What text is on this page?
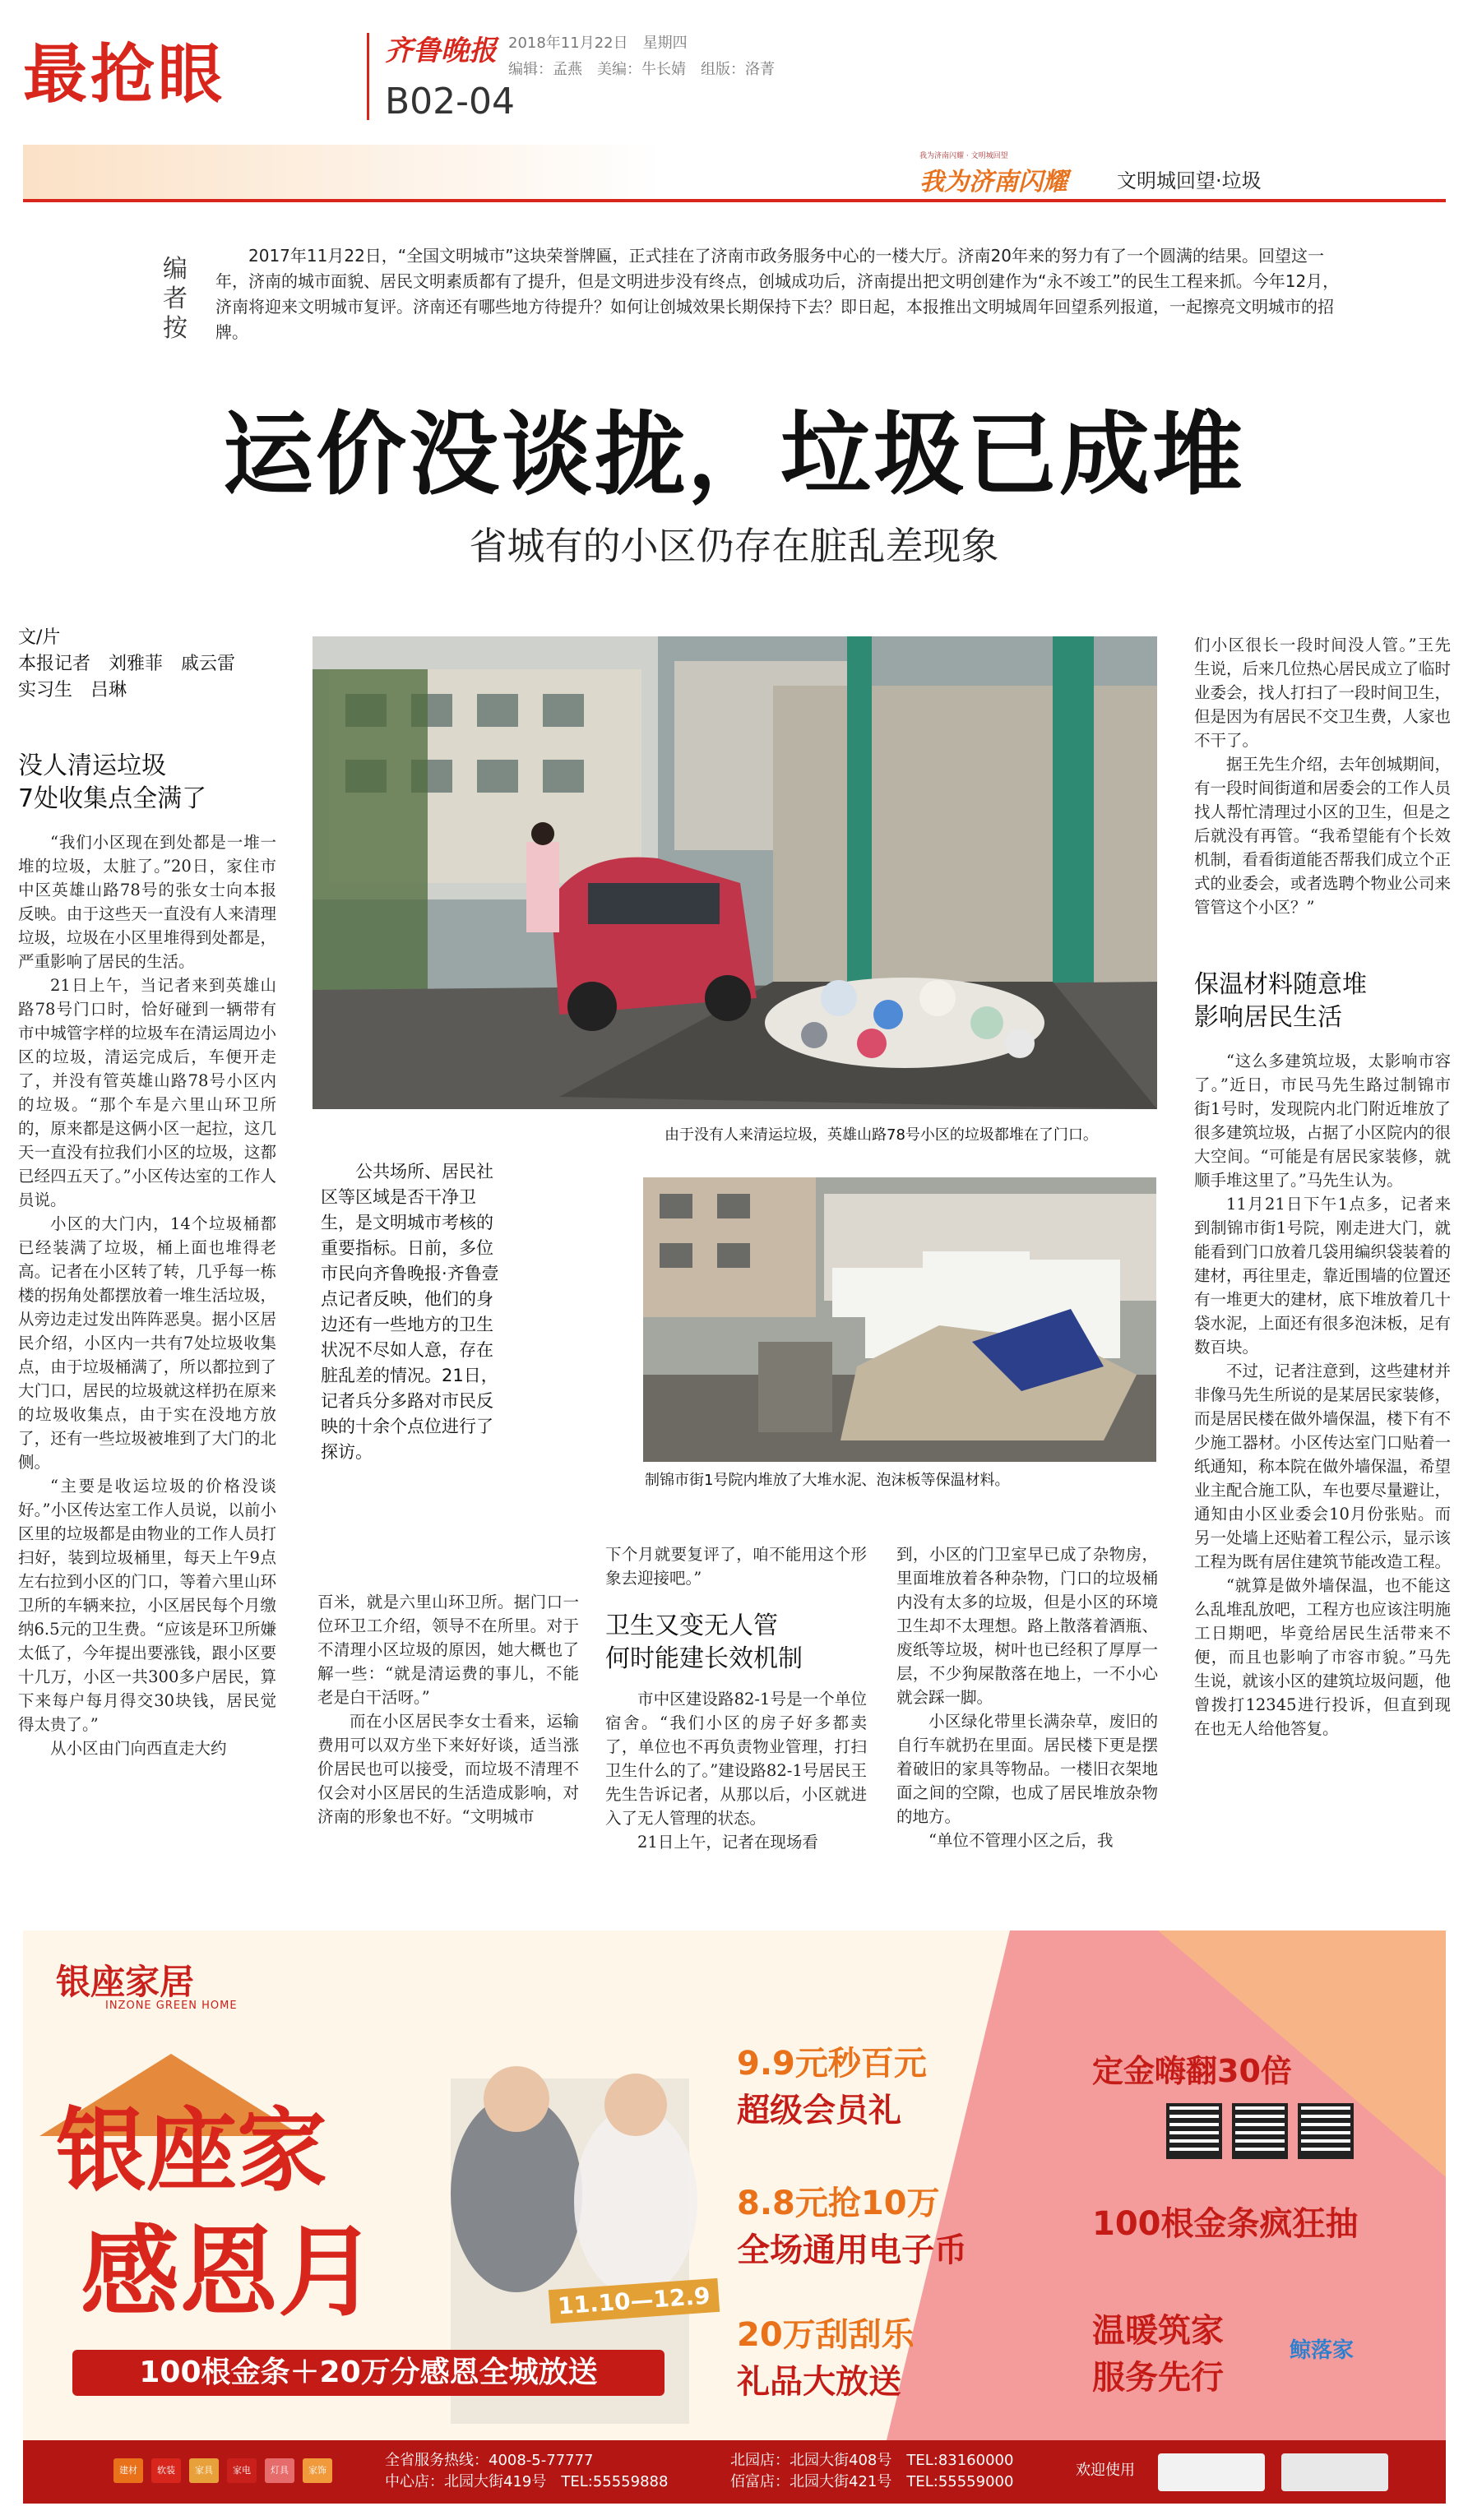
最抢眼	齐鲁晚报
B02-04
2018年11月22日　星期四
编辑：孟燕　美编：牛长婧　组版：洛菁
我为济南闪耀 · 文明城回望
我为济南闪耀	文明城回望·垃圾
编者按
2017年11月22日，“全国文明城市”这块荣誉牌匾，正式挂在了济南市政务服务中心的一楼大厅。济南20年来的努力有了一个圆满的结果。回望这一年，济南的城市面貌、居民文明素质都有了提升，但是文明进步没有终点，创城成功后，济南提出把文明创建作为“永不竣工”的民生工程来抓。今年12月，济南将迎来文明城市复评。济南还有哪些地方待提升？如何让创城效果长期保持下去？即日起，本报推出文明城周年回望系列报道，一起擦亮文明城市的招牌。
运价没谈拢，垃圾已成堆
省城有的小区仍存在脏乱差现象
文/片
本报记者　刘雅菲　戚云雷
实习生　吕琳
没人清运垃圾
7处收集点全满了

“我们小区现在到处都是一堆一堆的垃圾，太脏了。”20日，家住市中区英雄山路78号的张女士向本报反映。由于这些天一直没有人来清理垃圾，垃圾在小区里堆得到处都是，严重影响了居民的生活。

21日上午，当记者来到英雄山路78号门口时，恰好碰到一辆带有市中城管字样的垃圾车在清运周边小区的垃圾，清运完成后，车便开走了，并没有管英雄山路78号小区内的垃圾。“那个车是六里山环卫所的，原来都是这俩小区一起拉，这几天一直没有拉我们小区的垃圾，这都已经四五天了。”小区传达室的工作人员说。

小区的大门内，14个垃圾桶都已经装满了垃圾，桶上面也堆得老高。记者在小区转了转，几乎每一栋楼的拐角处都摆放着一堆生活垃圾，从旁边走过发出阵阵恶臭。据小区居民介绍，小区内一共有7处垃圾收集点，由于垃圾桶满了，所以都拉到了大门口，居民的垃圾就这样扔在原来的垃圾收集点，由于实在没地方放了，还有一些垃圾被堆到了大门的北侧。

“主要是收运垃圾的价格没谈好。”小区传达室工作人员说，以前小区里的垃圾都是由物业的工作人员打扫好，装到垃圾桶里，每天上午9点左右拉到小区的门口，等着六里山环卫所的车辆来拉，小区居民每个月缴纳6.5元的卫生费。“应该是环卫所嫌太低了，今年提出要涨钱，跟小区要十几万，小区一共300多户居民，算下来每户每月得交30块钱，居民觉得太贵了。”

从小区由门向西直走大约

由于没有人来清运垃圾，英雄山路78号小区的垃圾都堆在了门口。
公共场所、居民社区等区域是否干净卫生，是文明城市考核的重要指标。日前，多位市民向齐鲁晚报·齐鲁壹点记者反映，他们的身边还有一些地方的卫生状况不尽如人意，存在脏乱差的情况。21日，记者兵分多路对市民反映的十余个点位进行了探访。
制锦市街1号院内堆放了大堆水泥、泡沫板等保温材料。

百米，就是六里山环卫所。据门口一位环卫工介绍，领导不在所里。对于不清理小区垃圾的原因，她大概也了解一些：“就是清运费的事儿，不能老是白干活呀。”

而在小区居民李女士看来，运输费用可以双方坐下来好好谈，适当涨价居民也可以接受，而垃圾不清理不仅会对小区居民的生活造成影响，对济南的形象也不好。“文明城市

下个月就要复评了，咱不能用这个形象去迎接吧。”

卫生又变无人管
何时能建长效机制

市中区建设路82-1号是一个单位宿舍。“我们小区的房子好多都卖了，单位也不再负责物业管理，打扫卫生什么的了。”建设路82-1号居民王先生告诉记者，从那以后，小区就进入了无人管理的状态。

21日上午，记者在现场看

到，小区的门卫室早已成了杂物房，里面堆放着各种杂物，门口的垃圾桶内没有太多的垃圾，但是小区的环境卫生却不太理想。路上散落着酒瓶、废纸等垃圾，树叶也已经积了厚厚一层，不少狗屎散落在地上，一不小心就会踩一脚。

小区绿化带里长满杂草，废旧的自行车就扔在里面。居民楼下更是摆着破旧的家具等物品。一楼旧衣架地面之间的空隙，也成了居民堆放杂物的地方。

“单位不管理小区之后，我

们小区很长一段时间没人管。”王先生说，后来几位热心居民成立了临时业委会，找人打扫了一段时间卫生，但是因为有居民不交卫生费，人家也不干了。

据王先生介绍，去年创城期间，有一段时间街道和居委会的工作人员找人帮忙清理过小区的卫生，但是之后就没有再管。“我希望能有个长效机制，看看街道能否帮我们成立个正式的业委会，或者选聘个物业公司来管管这个小区？”

保温材料随意堆
影响居民生活

“这么多建筑垃圾，太影响市容了。”近日，市民马先生路过制锦市街1号时，发现院内北门附近堆放了很多建筑垃圾，占据了小区院内的很大空间。“可能是有居民家装修，就顺手堆这里了。”马先生认为。

11月21日下午1点多，记者来到制锦市街1号院，刚走进大门，就能看到门口放着几袋用编织袋装着的建材，再往里走，靠近围墙的位置还有一堆更大的建材，底下堆放着几十袋水泥，上面还有很多泡沫板，足有数百块。

不过，记者注意到，这些建材并非像马先生所说的是某居民家装修，而是居民楼在做外墙保温，楼下有不少施工器材。小区传达室门口贴着一纸通知，称本院在做外墙保温，希望业主配合施工队，车也要尽量避让，通知由小区业委会10月份张贴。而另一处墙上还贴着工程公示，显示该工程为既有居住建筑节能改造工程。

“就算是做外墙保温，也不能这么乱堆乱放吧，工程方也应该注明施工日期吧，毕竟给居民生活带来不便，而且也影响了市容市貌。”马先生说，就该小区的建筑垃圾问题，他曾拨打12345进行投诉，但直到现在也无人给他答复。

银座家居
INZONE GREEN HOME
银座家
感恩月	11.10—12.9
100根金条＋20万分感恩全城放送
9.9元秒百元
超级会员礼
8.8元抢10万
全场通用电子币
20万刮刮乐
礼品大放送
定金嗨翻30倍
100根金条疯狂抽
温暖筑家
服务先行
鲸落家
建材	软装	家具	家电	灯具	家饰
全省服务热线：4008-5-77777
中心店：北园大街419号　TEL:55559888
北园店：北园大街408号　TEL:83160000
佰富店：北园大街421号　TEL:55559000
欢迎使用
